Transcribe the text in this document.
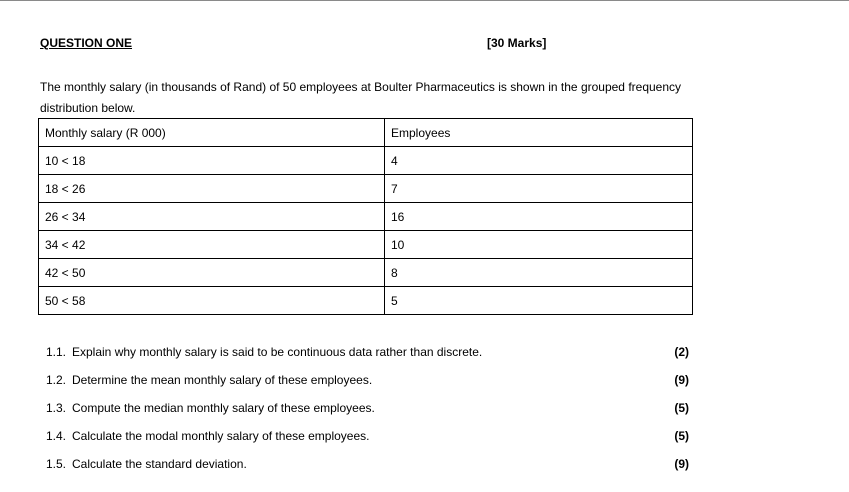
QUESTION ONE	[30 Marks]
The monthly salary (in thousands of Rand) of 50 employees at Boulter Pharmaceutics is shown in the grouped frequency distribution below.
Monthly salary (R 000)	Employees
10 < 18	4
18 < 26	7
26 < 34	16
34 < 42	10
42 < 50	8
50 < 58	5
1.1. Explain why monthly salary is said to be continuous data rather than discrete.	(2)
1.2. Determine the mean monthly salary of these employees.	(9)
1.3. Compute the median monthly salary of these employees.	(5)
1.4. Calculate the modal monthly salary of these employees.	(5)
1.5. Calculate the standard deviation.	(9)
